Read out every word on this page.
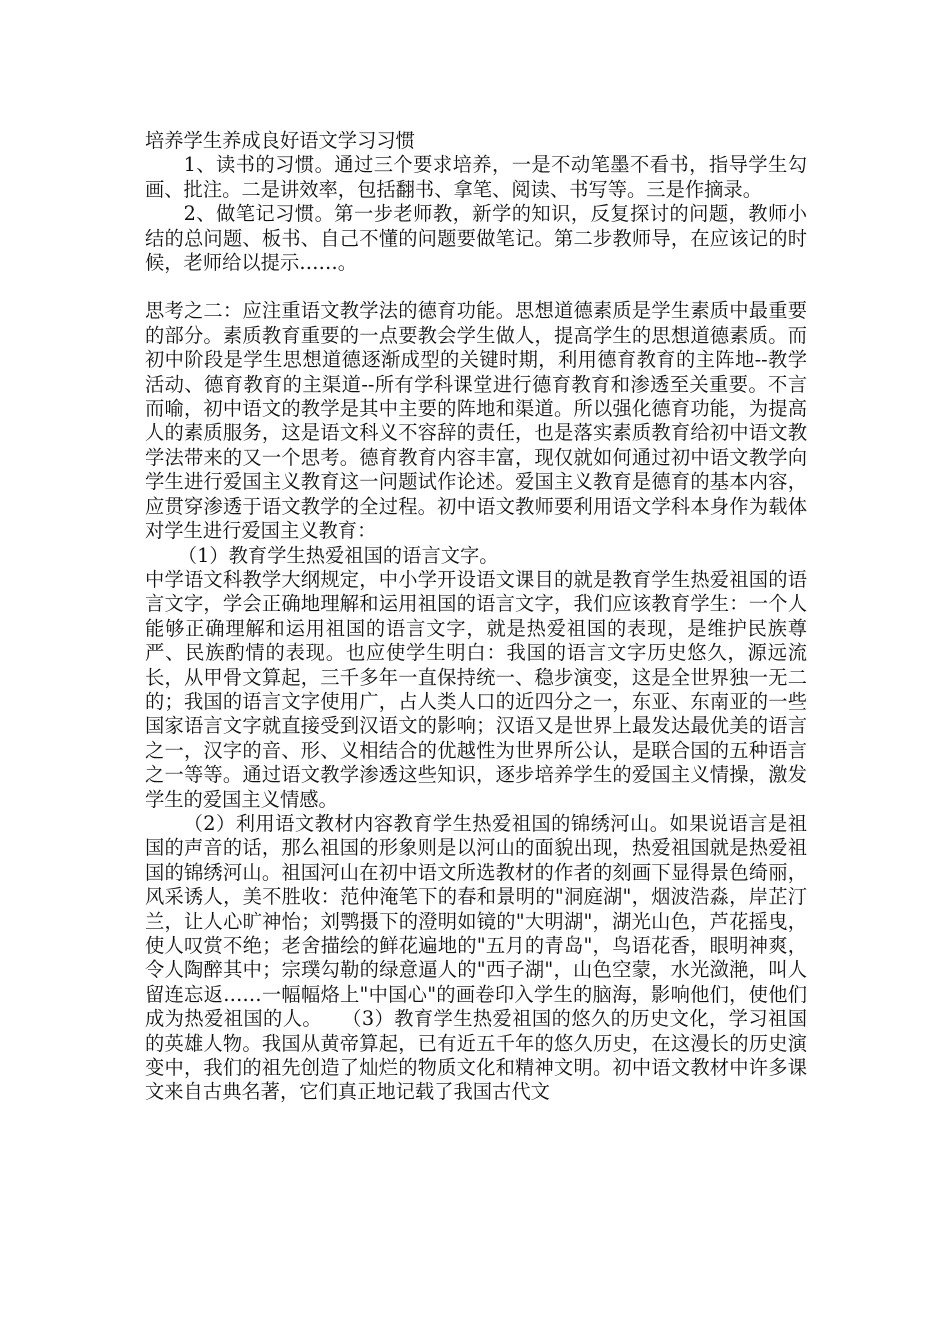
培养学生养成良好语文学习习惯

1、读书的习惯。通过三个要求培养，一是不动笔墨不看书，指导学生勾画、批注。二是讲效率，包括翻书、拿笔、阅读、书写等。三是作摘录。

2、做笔记习惯。第一步老师教，新学的知识，反复探讨的问题，教师小结的总问题、板书、自己不懂的问题要做笔记。第二步教师导，在应该记的时候，老师给以提示……。

思考之二：应注重语文教学法的德育功能。思想道德素质是学生素质中最重要的部分。素质教育重要的一点要教会学生做人，提高学生的思想道德素质。而初中阶段是学生思想道德逐渐成型的关键时期，利用德育教育的主阵地--教学活动、德育教育的主渠道--所有学科课堂进行德育教育和渗透至关重要。不言而喻，初中语文的教学是其中主要的阵地和渠道。所以强化德育功能，为提高人的素质服务，这是语文科义不容辞的责任，也是落实素质教育给初中语文教学法带来的又一个思考。德育教育内容丰富，现仅就如何通过初中语文教学向学生进行爱国主义教育这一问题试作论述。爱国主义教育是德育的基本内容，应贯穿渗透于语文教学的全过程。初中语文教师要利用语文学科本身作为载体对学生进行爱国主义教育：

（1）教育学生热爱祖国的语言文字。

中学语文科教学大纲规定，中小学开设语文课目的就是教育学生热爱祖国的语言文字，学会正确地理解和运用祖国的语言文字，我们应该教育学生：一个人能够正确理解和运用祖国的语言文字，就是热爱祖国的表现，是维护民族尊严、民族酌情的表现。也应使学生明白：我国的语言文字历史悠久，源远流长，从甲骨文算起，三千多年一直保持统一、稳步演变，这是全世界独一无二的；我国的语言文字使用广，占人类人口的近四分之一，东亚、东南亚的一些国家语言文字就直接受到汉语文的影响；汉语又是世界上最发达最优美的语言之一，汉字的音、形、义相结合的优越性为世界所公认，是联合国的五种语言之一等等。通过语文教学渗透这些知识，逐步培养学生的爱国主义情操，激发学生的爱国主义情感。

（2）利用语文教材内容教育学生热爱祖国的锦绣河山。如果说语言是祖国的声音的话，那么祖国的形象则是以河山的面貌出现，热爱祖国就是热爱祖国的锦绣河山。祖国河山在初中语文所选教材的作者的刻画下显得景色绮丽，风采诱人，美不胜收：范仲淹笔下的春和景明的"洞庭湖"，烟波浩淼，岸芷汀兰，让人心旷神怡；刘鹗摄下的澄明如镜的"大明湖"，湖光山色，芦花摇曳，使人叹赏不绝；老舍描绘的鲜花遍地的"五月的青岛"，鸟语花香，眼明神爽，令人陶醉其中；宗璞勾勒的绿意逼人的"西子湖"，山色空蒙，水光潋滟，叫人留连忘返……一幅幅烙上"中国心"的画卷印入学生的脑海，影响他们，使他们成为热爱祖国的人。　　（3）教育学生热爱祖国的悠久的历史文化，学习祖国的英雄人物。我国从黄帝算起，已有近五千年的悠久历史，在这漫长的历史演变中，我们的祖先创造了灿烂的物质文化和精神文明。初中语文教材中许多课文来自古典名著，它们真正地记载了我国古代文
